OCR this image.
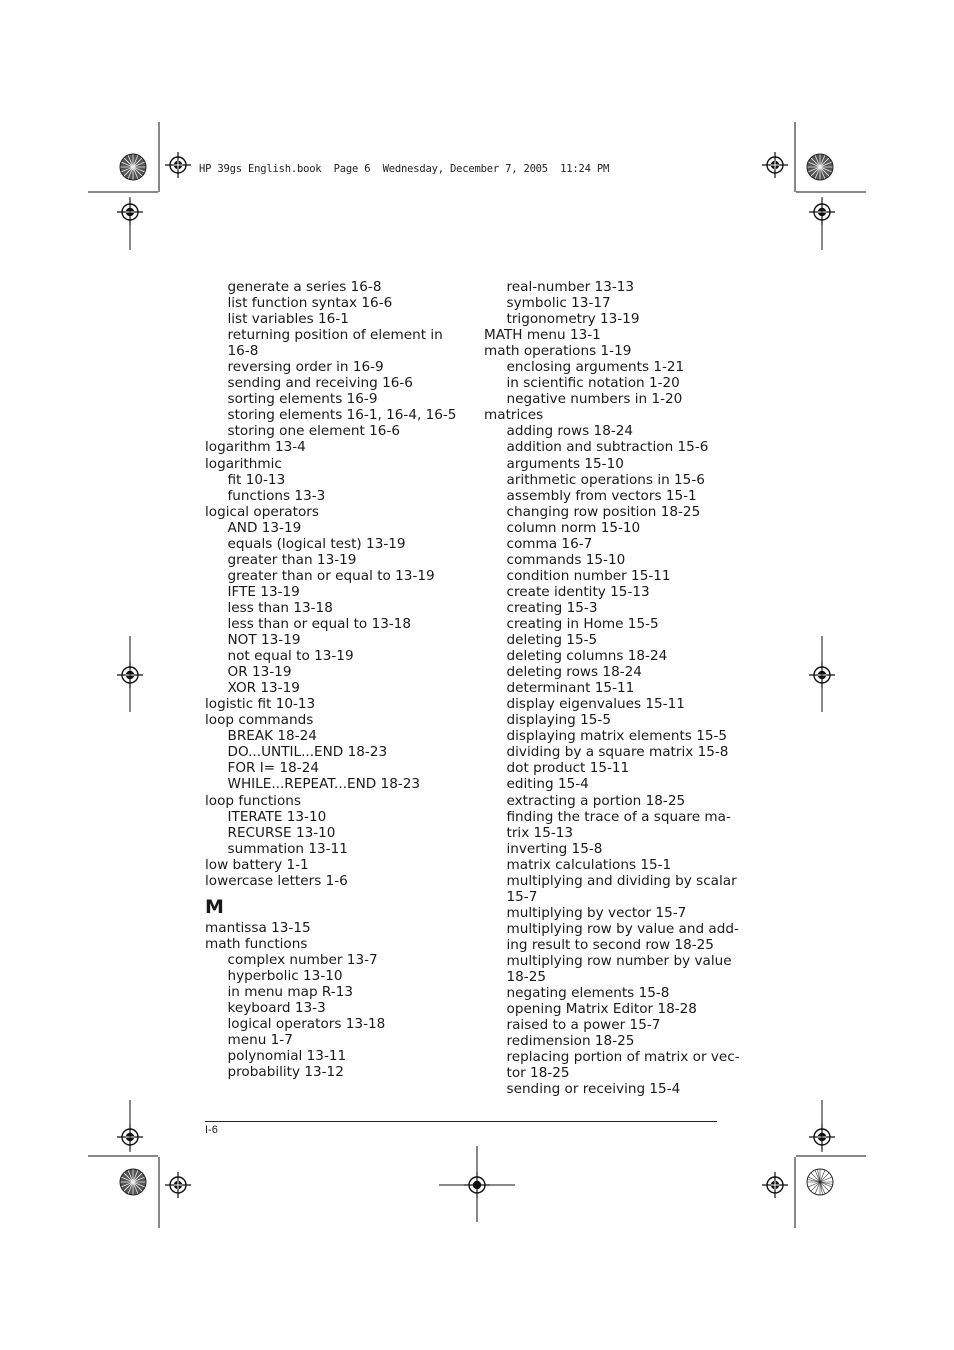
HP 39gs English.book  Page 6  Wednesday, December 7, 2005  11:24 PM
generate a series 16-8
list function syntax 16-6
list variables 16-1
returning position of element in
16-8
reversing order in 16-9
sending and receiving 16-6
sorting elements 16-9
storing elements 16-1, 16-4, 16-5
storing one element 16-6
logarithm 13-4
logarithmic
fit 10-13
functions 13-3
logical operators
AND 13-19
equals (logical test) 13-19
greater than 13-19
greater than or equal to 13-19
IFTE 13-19
less than 13-18
less than or equal to 13-18
NOT 13-19
not equal to 13-19
OR 13-19
XOR 13-19
logistic fit 10-13
loop commands
BREAK 18-24
DO...UNTIL...END 18-23
FOR I= 18-24
WHILE...REPEAT...END 18-23
loop functions
ITERATE 13-10
RECURSE 13-10
summation 13-11
low battery 1-1
lowercase letters 1-6
M
mantissa 13-15
math functions
complex number 13-7
hyperbolic 13-10
in menu map R-13
keyboard 13-3
logical operators 13-18
menu 1-7
polynomial 13-11
probability 13-12
real-number 13-13
symbolic 13-17
trigonometry 13-19
MATH menu 13-1
math operations 1-19
enclosing arguments 1-21
in scientific notation 1-20
negative numbers in 1-20
matrices
adding rows 18-24
addition and subtraction 15-6
arguments 15-10
arithmetic operations in 15-6
assembly from vectors 15-1
changing row position 18-25
column norm 15-10
comma 16-7
commands 15-10
condition number 15-11
create identity 15-13
creating 15-3
creating in Home 15-5
deleting 15-5
deleting columns 18-24
deleting rows 18-24
determinant 15-11
display eigenvalues 15-11
displaying 15-5
displaying matrix elements 15-5
dividing by a square matrix 15-8
dot product 15-11
editing 15-4
extracting a portion 18-25
finding the trace of a square ma-
trix 15-13
inverting 15-8
matrix calculations 15-1
multiplying and dividing by scalar
15-7
multiplying by vector 15-7
multiplying row by value and add-
ing result to second row 18-25
multiplying row number by value
18-25
negating elements 15-8
opening Matrix Editor 18-28
raised to a power 15-7
redimension 18-25
replacing portion of matrix or vec-
tor 18-25
sending or receiving 15-4
I-6
